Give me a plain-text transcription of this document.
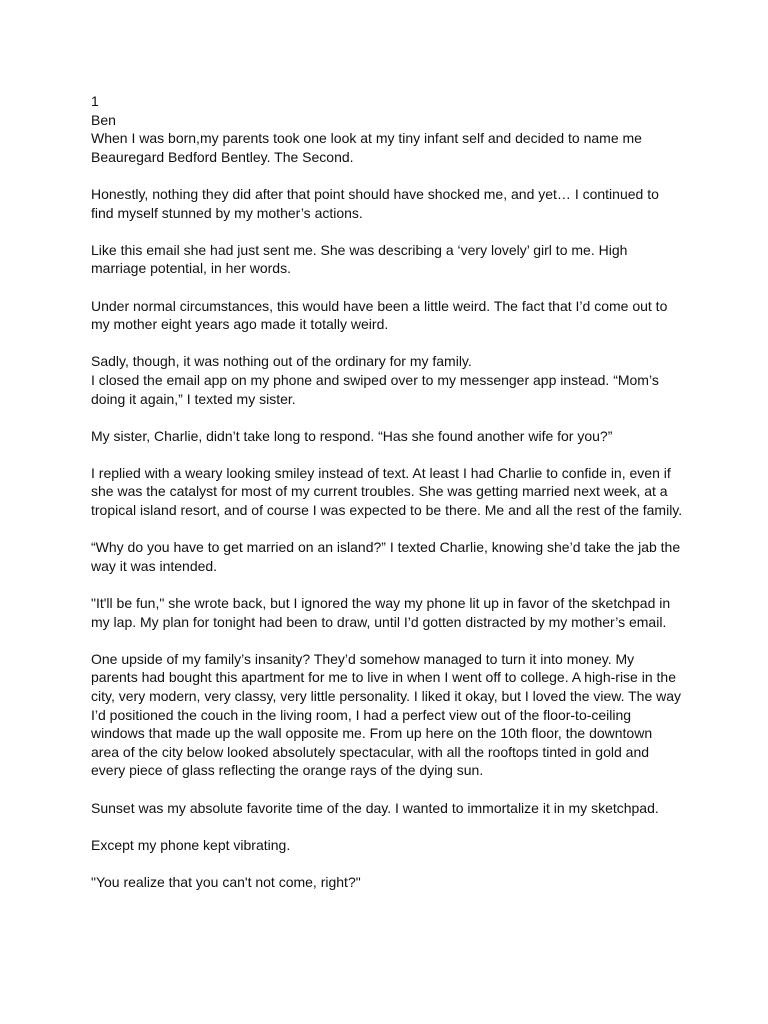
1

Ben

When I was born,my parents took one look at my tiny infant self and decided to name me Beauregard Bedford Bentley. The Second.

Honestly, nothing they did after that point should have shocked me, and yet… I continued to find myself stunned by my mother’s actions.

Like this email she had just sent me. She was describing a ‘very lovely’ girl to me. High marriage potential, in her words.

Under normal circumstances, this would have been a little weird. The fact that I’d come out to my mother eight years ago made it totally weird.

Sadly, though, it was nothing out of the ordinary for my family.

I closed the email app on my phone and swiped over to my messenger app instead. “Mom’s doing it again,” I texted my sister.

My sister, Charlie, didn’t take long to respond. “Has she found another wife for you?”

I replied with a weary looking smiley instead of text. At least I had Charlie to confide in, even if she was the catalyst for most of my current troubles. She was getting married next week, at a tropical island resort, and of course I was expected to be there. Me and all the rest of the family.

“Why do you have to get married on an island?” I texted Charlie, knowing she’d take the jab the way it was intended.

"It'll be fun," she wrote back, but I ignored the way my phone lit up in favor of the sketchpad in my lap. My plan for tonight had been to draw, until I’d gotten distracted by my mother’s email.

One upside of my family’s insanity? They’d somehow managed to turn it into money. My parents had bought this apartment for me to live in when I went off to college. A high-rise in the city, very modern, very classy, very little personality. I liked it okay, but I loved the view. The way I’d positioned the couch in the living room, I had a perfect view out of the floor-to-ceiling windows that made up the wall opposite me. From up here on the 10th floor, the downtown area of the city below looked absolutely spectacular, with all the rooftops tinted in gold and every piece of glass reflecting the orange rays of the dying sun.

Sunset was my absolute favorite time of the day. I wanted to immortalize it in my sketchpad.

Except my phone kept vibrating.

"You realize that you can't not come, right?"
